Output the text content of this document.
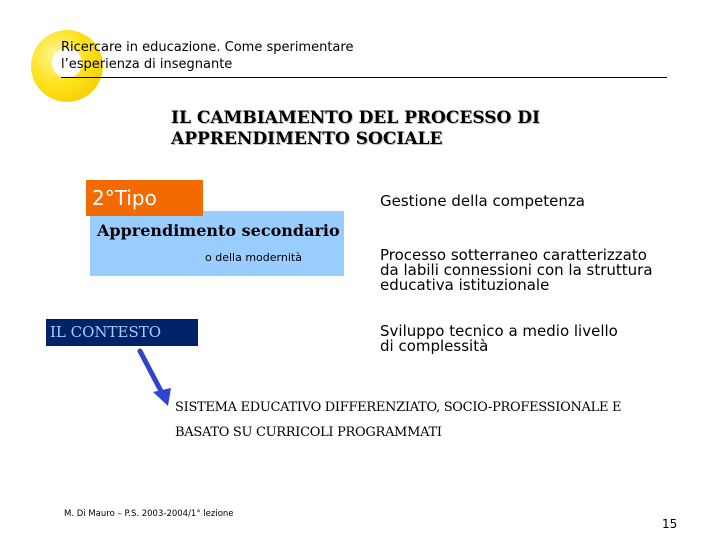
Ricercare in educazione. Come sperimentare
l’esperienza di insegnante
IL CAMBIAMENTO DEL PROCESSO DI
APPRENDIMENTO SOCIALE
2°Tipo
Apprendimento secondario
o della modernità
IL CONTESTO
Gestione della competenza
Processo sotterraneo caratterizzato
da labili connessioni con la struttura
educativa istituzionale
Sviluppo tecnico a medio livello
di complessità
SISTEMA EDUCATIVO DIFFERENZIATO, SOCIO-PROFESSIONALE E
BASATO SU CURRICOLI PROGRAMMATI
M. Di Mauro – P.S. 2003-2004/1° lezione
15
